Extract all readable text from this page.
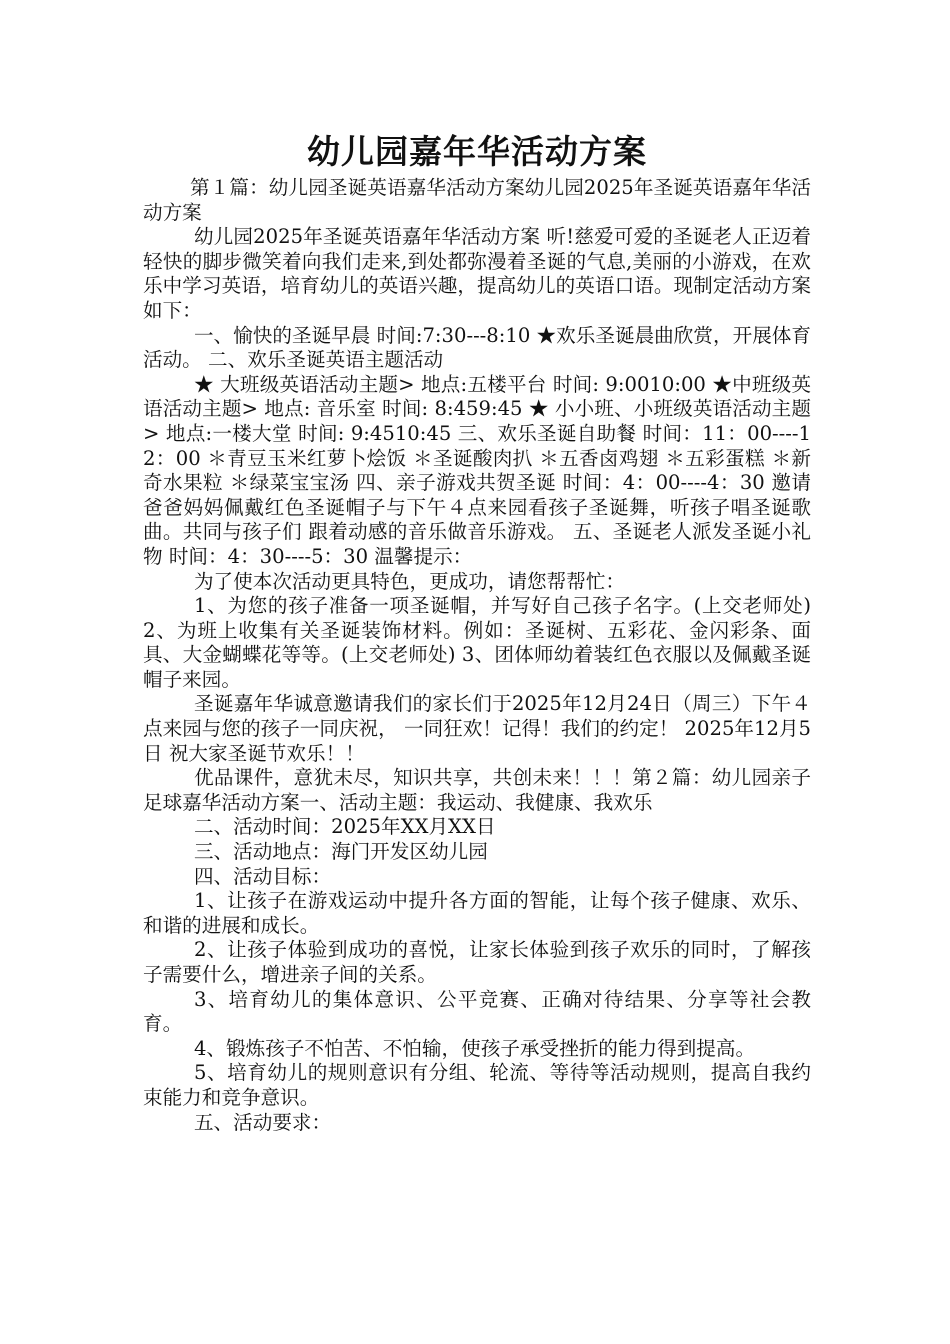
幼儿园嘉年华活动方案

第１篇：幼儿园圣诞英语嘉华活动方案幼儿园2025年圣诞英语嘉年华活动方案

幼儿园2025年圣诞英语嘉年华活动方案 听!慈爱可爱的圣诞老人正迈着轻快的脚步微笑着向我们走来,到处都弥漫着圣诞的气息,美丽的小游戏，在欢乐中学习英语，培育幼儿的英语兴趣，提高幼儿的英语口语。现制定活动方案如下：

一、愉快的圣诞早晨 时间:7:30---8:10 ★欢乐圣诞晨曲欣赏，开展体育活动。 二、欢乐圣诞英语主题活动

★ 大班级英语活动主题> 地点:五楼平台 时间: 9:0010:00 ★中班级英语活动主题> 地点: 音乐室 时间: 8:459:45 ★ 小小班、小班级英语活动主题> 地点:一楼大堂 时间: 9:4510:45 三、欢乐圣诞自助餐 时间：11：00----12：00 ＊青豆玉米红萝卜烩饭 ＊圣诞酸肉扒 ＊五香卤鸡翅 ＊五彩蛋糕 ＊新奇水果粒 ＊绿菜宝宝汤 四、亲子游戏共贺圣诞 时间：4：00----4：30 邀请爸爸妈妈佩戴红色圣诞帽子与下午４点来园看孩子圣诞舞，听孩子唱圣诞歌曲。共同与孩子们 跟着动感的音乐做音乐游戏。 五、圣诞老人派发圣诞小礼物 时间：4：30----5：30 温馨提示：

为了使本次活动更具特色，更成功，请您帮帮忙：

1、为您的孩子准备一项圣诞帽，并写好自己孩子名字。(上交老师处) 2、为班上收集有关圣诞装饰材料。例如：圣诞树、五彩花、金闪彩条、面具、大金蝴蝶花等等。(上交老师处) 3、团体师幼着装红色衣服以及佩戴圣诞帽子来园。

圣诞嘉年华诚意邀请我们的家长们于2025年12月24日（周三）下午４点来园与您的孩子一同庆祝， 一同狂欢！记得！我们的约定！ 2025年12月5日 祝大家圣诞节欢乐！！

优品课件，意犹未尽，知识共享，共创未来！！！第２篇：幼儿园亲子足球嘉华活动方案一、活动主题：我运动、我健康、我欢乐

二、活动时间：2025年XX月XX日

三、活动地点：海门开发区幼儿园

四、活动目标：

1、让孩子在游戏运动中提升各方面的智能，让每个孩子健康、欢乐、和谐的进展和成长。

2、让孩子体验到成功的喜悦，让家长体验到孩子欢乐的同时，了解孩子需要什么，增进亲子间的关系。

3、培育幼儿的集体意识、公平竞赛、正确对待结果、分享等社会教育。

4、锻炼孩子不怕苦、不怕输，使孩子承受挫折的能力得到提高。

5、培育幼儿的规则意识有分组、轮流、等待等活动规则，提高自我约束能力和竞争意识。

五、活动要求：
